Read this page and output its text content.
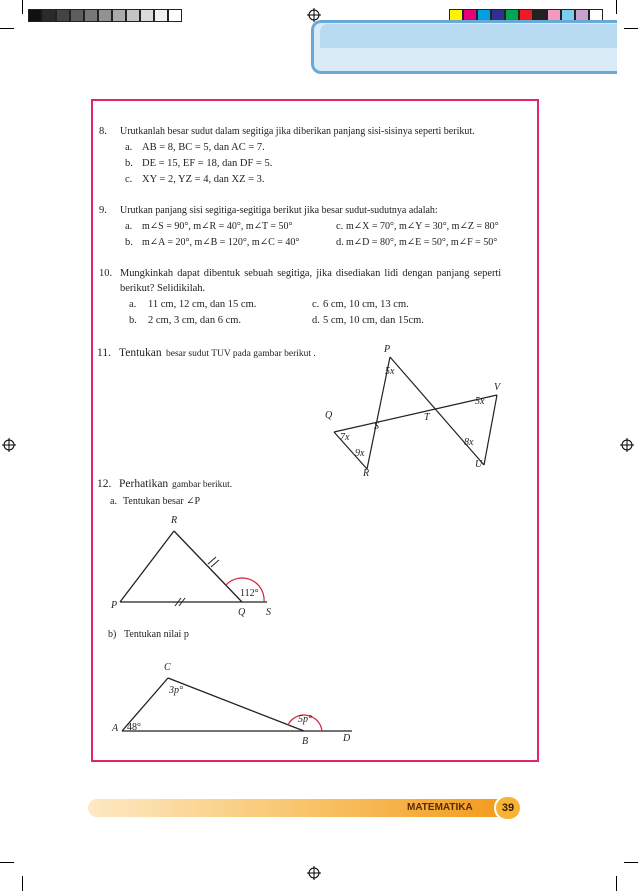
8. Urutkanlah besar sudut dalam segitiga jika diberikan panjang sisi-sisinya seperti berikut.
a. AB = 8, BC = 5, dan AC = 7.
b. DE = 15, EF = 18, dan DF = 5.
c. XY = 2, YZ = 4, dan XZ = 3.
9. Urutkan panjang sisi segitiga-segitiga berikut jika besar sudut-sudutnya adalah:
a. m∠S = 90°, m∠R = 40°, m∠T = 50°	c. m∠X = 70°, m∠Y = 30°, m∠Z = 80°
b. m∠A = 20°, m∠B = 120°, m∠C = 40°	d. m∠D = 80°, m∠E = 50°, m∠F = 50°
10. Mungkinkah dapat dibentuk sebuah segitiga, jika disediakan lidi dengan panjang seperti
berikut? Selidikilah.
a. 11 cm, 12 cm, dan 15 cm.	c. 6 cm, 10 cm, 13 cm.
b. 2 cm, 3 cm, dan 6 cm.	d. 5 cm, 10 cm, dan 15cm.
11. Tentukan besar sudut TUV pada gambar berikut .	P
5x
V
5x
Q	T
S
7x	8x
9x
U
R
12. Perhatikan gambar berikut.
a. Tentukan besar ∠P
R
112°
P
Q S
b) Tentukan nilai p
C
3p°
5p°
A 48°
B	D
MATEMATIKA	39
